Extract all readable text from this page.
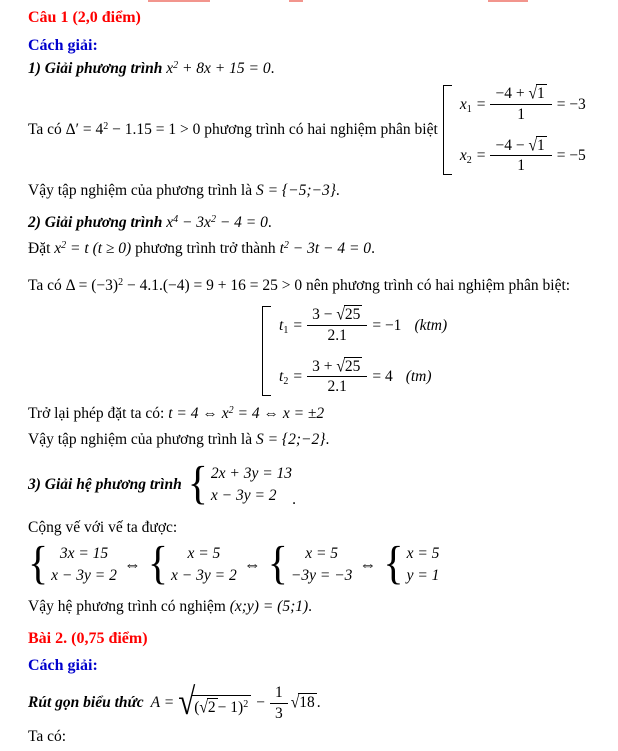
Câu 1 (2,0 điểm)
Cách giải:
1) Giải phương trình $x^2 + 8x + 15 = 0$.
Ta có
$\Delta' = 4^2 - 1.15 = 1 > 0$
phương trình có hai nghiệm phân biệt
$x_1 = \frac{-4 + √1}{1} = -3$
$x_2 = \frac{-4 - √1}{1} = -5$
Vậy tập nghiệm của phương trình là S = {−5;−3}.
2) Giải phương trình $x^4 - 3x^2 - 4 = 0$.
Đặt $x^2 = t$ (t ≥ 0) phương trình trở thành $t^2 - 3t - 4 = 0$.
Ta có $\Delta = (-3)^2 - 4.1.(-4) = 9 + 16 = 25 > 0$ nên phương trình có hai nghiệm phân biệt:
$t_1 = \frac{3 - √25}{2.1} = -1$ (ktm)
$t_2 = \frac{3 + √25}{2.1} = 4$ (tm)
Trở lại phép đặt ta có: t = 4 ⇔ $x^2 = 4$ ⇔ x = ±2
Vậy tập nghiệm của phương trình là S = {2;−2}.
3) Giải hệ phương trình { 2x + 3y = 13
x − 3y = 2 .
Cộng vế với vế ta được:
{ 3x = 15
x − 3y = 2
⇔ { x = 5
x − 3y = 2
⇔ { x = 5
−3y = −3
⇔ { x = 5
y = 1
Vậy hệ phương trình có nghiệm (x;y) = (5;1).
Bài 2. (0,75 điểm)
Cách giải:
Rút gọn biểu thức A = √ $(√2 - 1)^2 - \frac{1}{3} √18$ .
Ta có:
